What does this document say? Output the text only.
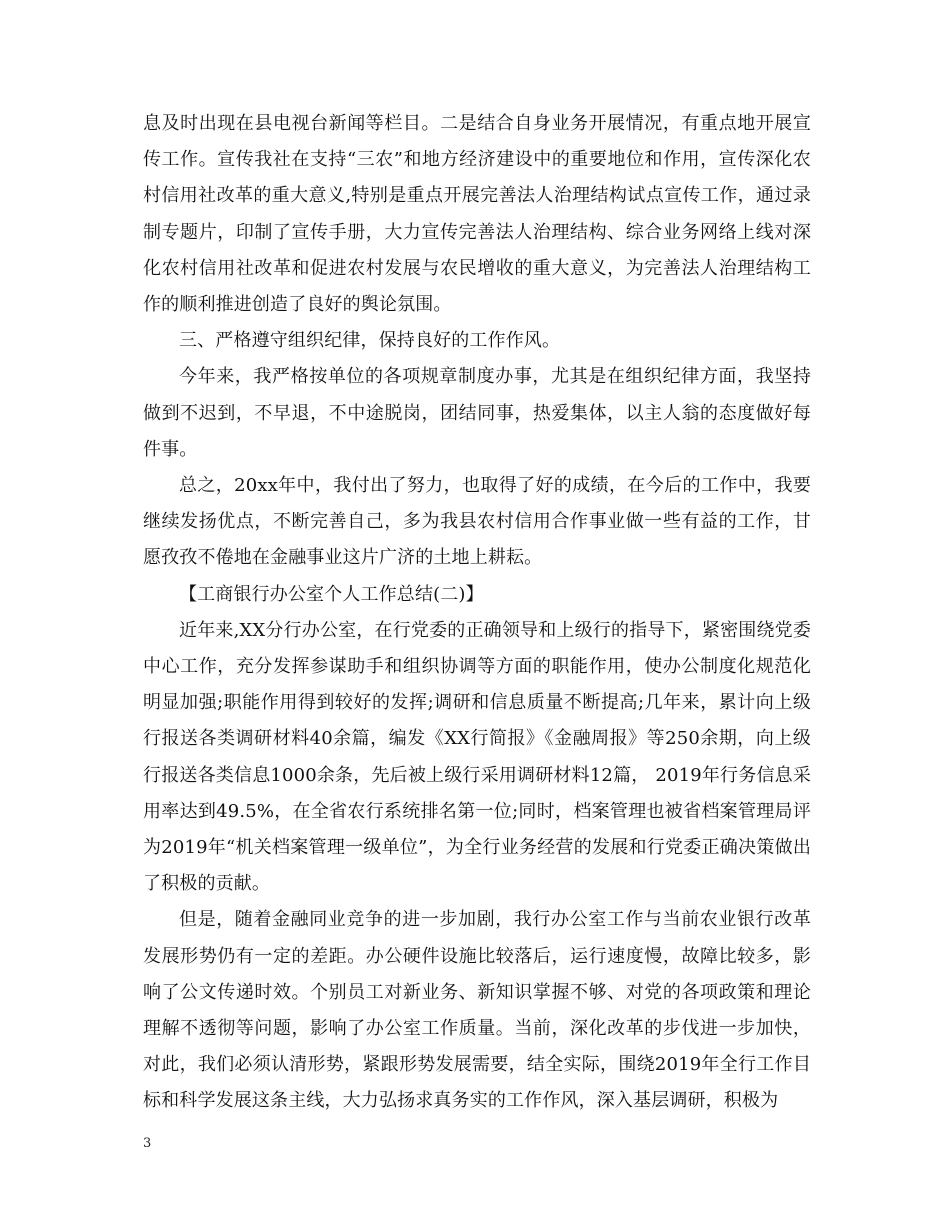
息及时出现在县电视台新闻等栏目。二是结合自身业务开展情况，有重点地开展宣传工作。宣传我社在支持“三农”和地方经济建设中的重要地位和作用，宣传深化农村信用社改革的重大意义,特别是重点开展完善法人治理结构试点宣传工作，通过录制专题片，印制了宣传手册，大力宣传完善法人治理结构、综合业务网络上线对深化农村信用社改革和促进农村发展与农民增收的重大意义，为完善法人治理结构工作的顺利推进创造了良好的舆论氛围。

三、严格遵守组织纪律，保持良好的工作作风。

今年来，我严格按单位的各项规章制度办事，尤其是在组织纪律方面，我坚持做到不迟到，不早退，不中途脱岗，团结同事，热爱集体，以主人翁的态度做好每件事。

总之，20xx年中，我付出了努力，也取得了好的成绩，在今后的工作中，我要继续发扬优点，不断完善自己，多为我县农村信用合作事业做一些有益的工作，甘愿孜孜不倦地在金融事业这片广济的土地上耕耘。

【工商银行办公室个人工作总结(二)】

近年来,XX分行办公室，在行党委的正确领导和上级行的指导下，紧密围绕党委中心工作，充分发挥参谋助手和组织协调等方面的职能作用，使办公制度化规范化明显加强;职能作用得到较好的发挥;调研和信息质量不断提高;几年来，累计向上级行报送各类调研材料40余篇，编发《XX行简报》《金融周报》等250余期，向上级行报送各类信息1000余条，先后被上级行采用调研材料12篇， 2019年行务信息采用率达到49.5%，在全省农行系统排名第一位;同时，档案管理也被省档案管理局评为2019年“机关档案管理一级单位”，为全行业务经营的发展和行党委正确决策做出了积极的贡献。

但是，随着金融同业竞争的进一步加剧，我行办公室工作与当前农业银行改革发展形势仍有一定的差距。办公硬件设施比较落后，运行速度慢，故障比较多，影响了公文传递时效。个别员工对新业务、新知识掌握不够、对党的各项政策和理论理解不透彻等问题，影响了办公室工作质量。当前，深化改革的步伐进一步加快，对此，我们必须认清形势，紧跟形势发展需要，结全实际，围绕2019年全行工作目标和科学发展这条主线，大力弘扬求真务实的工作作风，深入基层调研，积极为

3
